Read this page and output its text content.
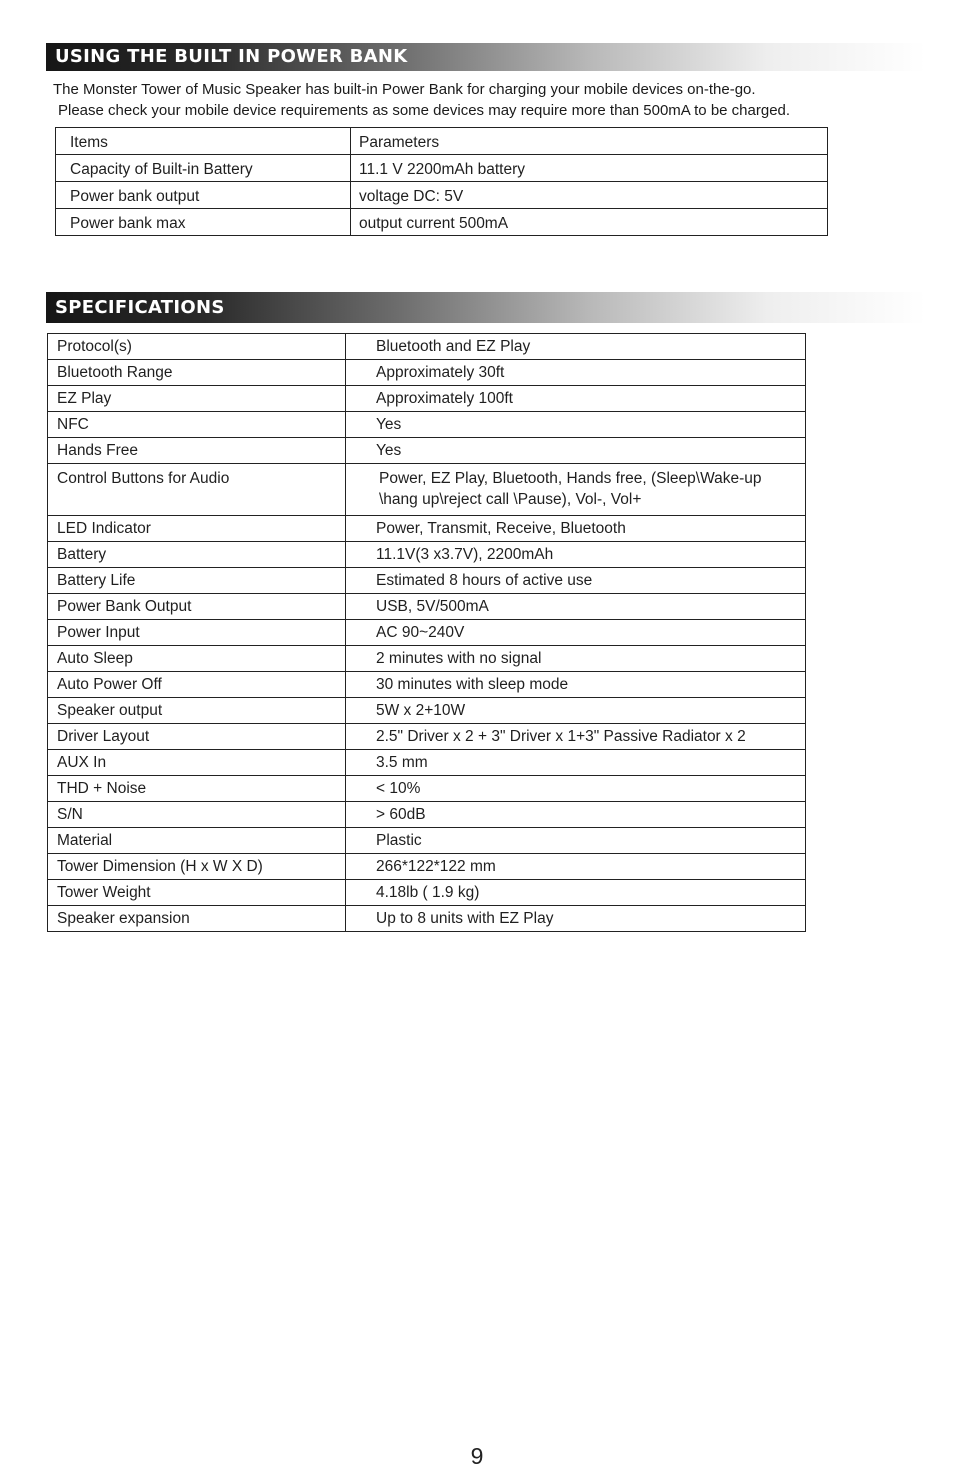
USING THE BUILT IN POWER BANK
The Monster Tower of Music Speaker has built-in Power Bank for charging your mobile devices on-the-go.
Please check your mobile device requirements as some devices may require more than 500mA to be charged.
Items	Parameters
Capacity of Built-in Battery	11.1 V 2200mAh battery
Power bank output	voltage DC: 5V
Power bank max	output current 500mA
SPECIFICATIONS
Protocol(s)	Bluetooth and EZ Play

Bluetooth Range	Approximately 30ft

EZ Play	Approximately 100ft

NFC	Yes

Hands Free	Yes

Control Buttons for Audio	Power, EZ Play, Bluetooth, Hands free, (Sleep\Wake-up
\hang up\reject call \Pause), Vol-, Vol+

LED Indicator	Power, Transmit, Receive, Bluetooth

Battery	11.1V(3 x3.7V), 2200mAh

Battery Life	Estimated 8 hours of active use

Power Bank Output	USB, 5V/500mA

Power Input	AC 90~240V

Auto Sleep	2 minutes with no signal

Auto Power Off	30 minutes with sleep mode

Speaker output	5W x 2+10W

Driver Layout	2.5" Driver x 2 + 3" Driver x 1+3" Passive Radiator x 2

AUX In	3.5 mm

THD + Noise	< 10%

S/N	> 60dB

Material	Plastic

Tower Dimension (H x W X D)	266*122*122 mm

Tower Weight	4.18lb ( 1.9 kg)

Speaker expansion	Up to 8 units with EZ Play
9
